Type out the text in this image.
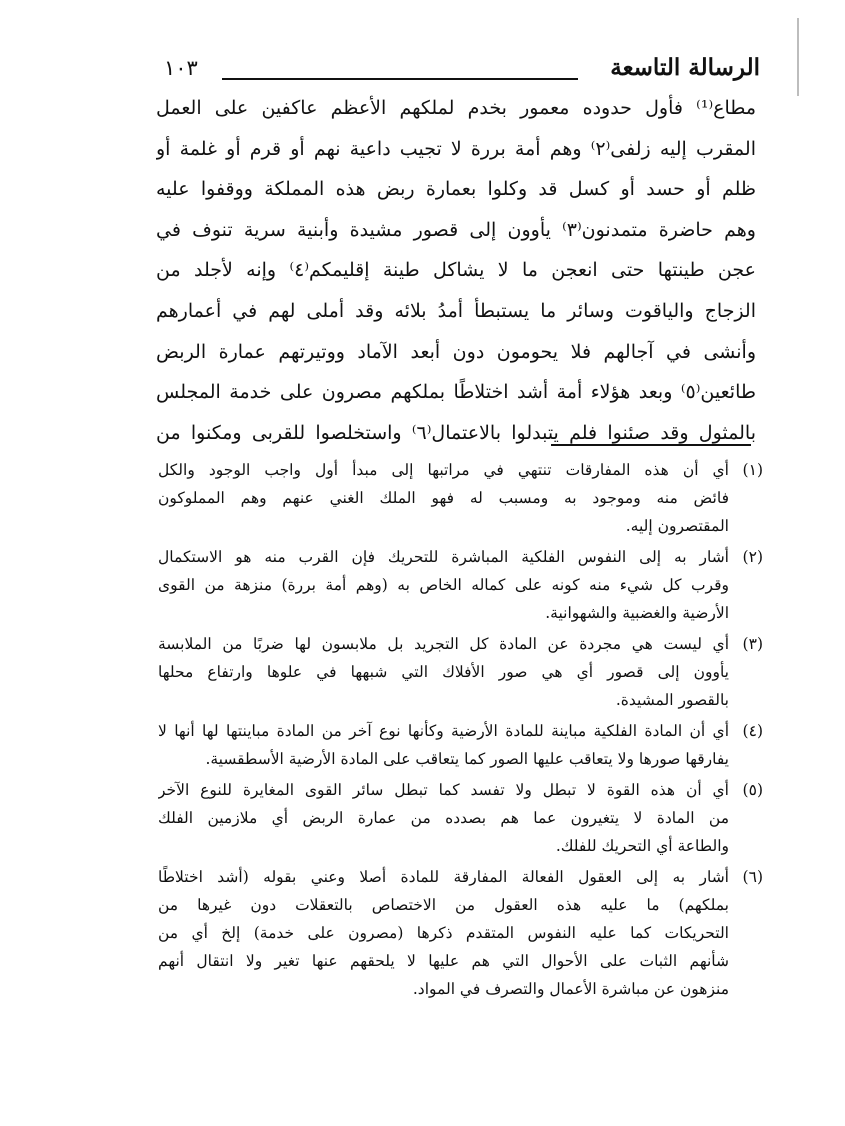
الرسالة التاسعة
١٠٣
مطاع⁽¹⁾ فأول حدوده معمور بخدم لملكهم الأعظم عاكفين على العمل
المقرب إليه زلفى⁽٢⁾ وهم أمة بررة لا تجيب داعية نهم أو قرم أو غلمة أو
ظلم أو حسد أو كسل قد وكلوا بعمارة ربض هذه المملكة ووقفوا عليه
وهم حاضرة متمدنون⁽٣⁾ يأوون إلى قصور مشيدة وأبنية سرية تنوف في
عجن طينتها حتى انعجن ما لا يشاكل طينة إقليمكم⁽٤⁾ وإنه لأجلد من
الزجاج والياقوت وسائر ما يستبطأ أمدُ بلائه وقد أملى لهم في أعمارهم
وأنشى في آجالهم فلا يحومون دون أبعد الآماد ووتيرتهم عمارة الربض
طائعين⁽٥⁾ وبعد هؤلاء أمة أشد اختلاطًا بملكهم مصرون على خدمة المجلس
بالمثول وقد صئنوا فلم يتبدلوا بالاعتمال⁽٦⁾ واستخلصوا للقربى ومكنوا من
(١)
أي أن هذه المفارقات تنتهي في مراتبها إلى مبدأ أول واجب الوجود والكل
فائض منه وموجود به ومسبب له فهو الملك الغني عنهم وهم المملوكون
المقتصرون إليه.
(٢)
أشار به إلى النفوس الفلكية المباشرة للتحريك فإن القرب منه هو الاستكمال
وقرب كل شيء منه كونه على كماله الخاص به (وهم أمة بررة) منزهة من القوى
الأرضية والغضبية والشهوانية.
(٣)
أي ليست هي مجردة عن المادة كل التجريد بل ملابسون لها ضربًا من الملابسة
يأوون إلى قصور أي هي صور الأفلاك التي شبهها في علوها وارتفاع محلها
بالقصور المشيدة.
(٤)
أي أن المادة الفلكية مباينة للمادة الأرضية وكأنها نوع آخر من المادة مباينتها لها أنها لا
يفارقها صورها ولا يتعاقب عليها الصور كما يتعاقب على المادة الأرضية الأسطقسية.
(٥)
أي أن هذه القوة لا تبطل ولا تفسد كما تبطل سائر القوى المغايرة للنوع الآخر
من المادة لا يتغيرون عما هم بصدده من عمارة الربض أي ملازمين الفلك
والطاعة أي التحريك للفلك.
(٦)
أشار به إلى العقول الفعالة المفارقة للمادة أصلا وعني بقوله (أشد اختلاطًا
بملكهم) ما عليه هذه العقول من الاختصاص بالتعقلات دون غيرها من
التحريكات كما عليه النفوس المتقدم ذكرها (مصرون على خدمة) إلخ أي من
شأنهم الثبات على الأحوال التي هم عليها لا يلحقهم عنها تغير ولا انتقال أنهم
منزهون عن مباشرة الأعمال والتصرف في المواد.
